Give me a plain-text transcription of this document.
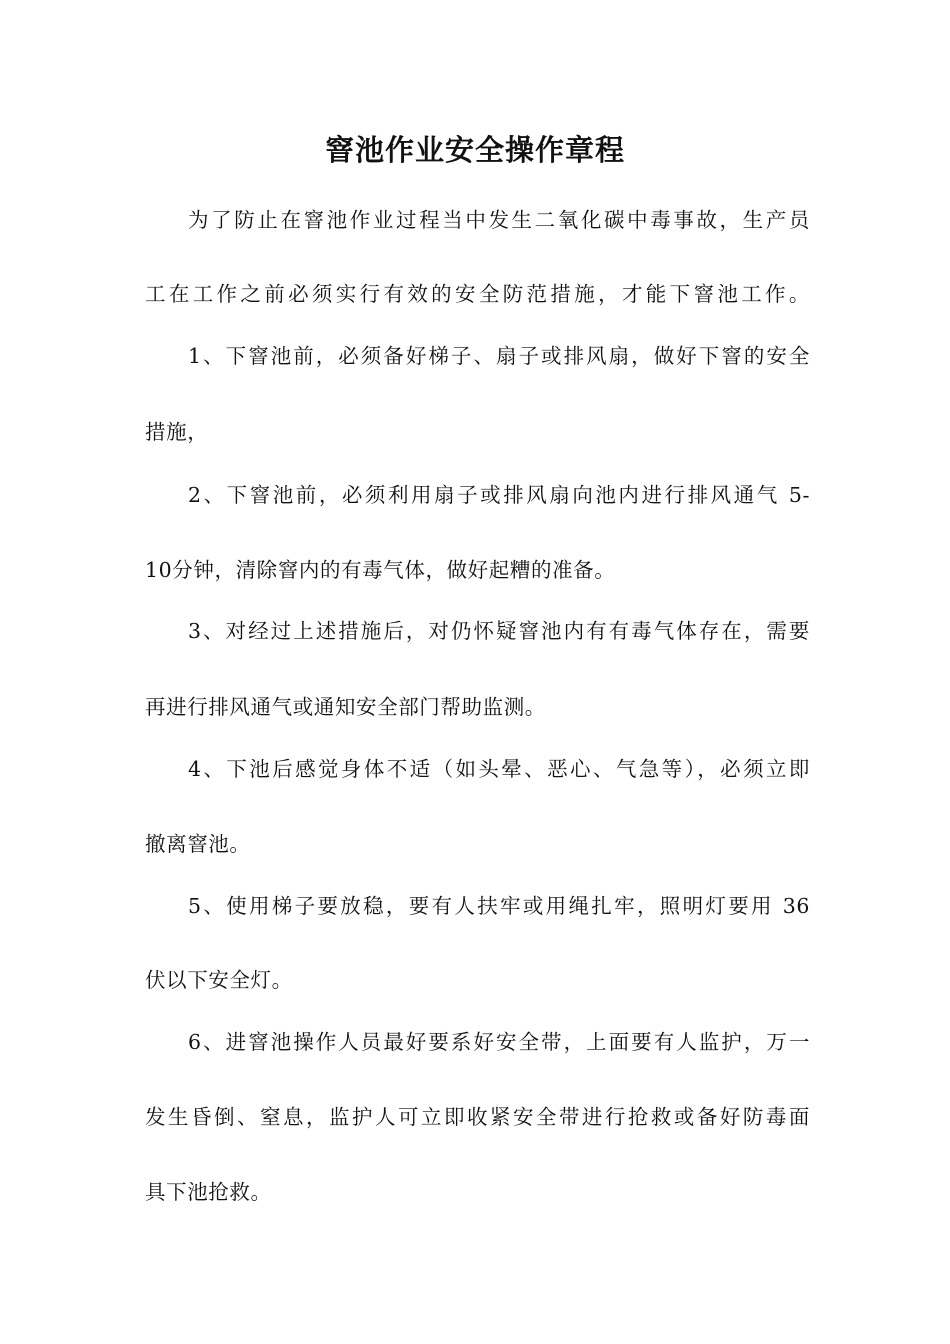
窨池作业安全操作章程

为了防止在窨池作业过程当中发生二氧化碳中毒事故，生产员

工在工作之前必须实行有效的安全防范措施，才能下窨池工作。

1、下窨池前，必须备好梯子、扇子或排风扇，做好下窨的安全

措施，

2、下窨池前，必须利用扇子或排风扇向池内进行排风通气 5-

10分钟，清除窨内的有毒气体，做好起糟的准备。

3、对经过上述措施后，对仍怀疑窨池内有有毒气体存在，需要

再进行排风通气或通知安全部门帮助监测。

4、下池后感觉身体不适（如头晕、恶心、气急等），必须立即

撤离窨池。

5、使用梯子要放稳，要有人扶牢或用绳扎牢，照明灯要用 36

伏以下安全灯。

6、进窨池操作人员最好要系好安全带，上面要有人监护，万一

发生昏倒、窒息，监护人可立即收紧安全带进行抢救或备好防毒面

具下池抢救。
